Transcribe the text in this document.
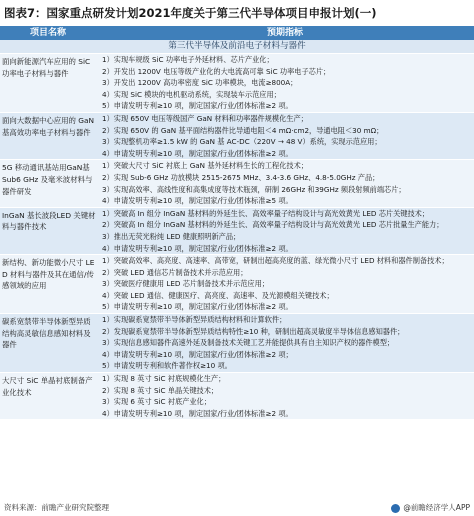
图表7：国家重点研发计划2021年度关于第三代半导体项目申报计划(一)
项目名称	预期指标
第三代半导体及前沿电子材料与器件
面向新能源汽车应用的 SiC 功率电子材料与器件
1）实现车规级 SiC 功率电子外延材料、芯片产业化；
2）开发出 1200V 电压等级产业化的大电流高可靠 SiC 功率电子芯片；
3）开发出 1200V 高功率密度 SiC 功率模块，电流≥800A；
4）实现 SiC 模块的电机驱动系统，实现装车示范应用；
5）申请发明专利≥10 项，制定国家/行业/团体标准≥2 项。
面向大数据中心应用的 GaN 基高效功率电子材料与器件
1）实现 650V 电压等级国产 GaN 材料和功率器件规模化生产；
2）实现 650V 的 GaN 基平面结构器件比导通电阻＜4 mΩ·cm2，导通电阻＜30 mΩ；
3）实现整机功率≥1.5 kW 的 GaN 基 AC-DC（220V → 48 V）系统，实现示范应用；
4）申请发明专利≥10 项，制定国家/行业/团体标准≥2 项。
5G 移动通讯基站用GaN基 Sub6 GHz 及毫米波材料与器件研发
1）突破大尺寸 SiC 衬底上 GaN 基外延材料生长的工程化技术；
2）实现 Sub-6 GHz 功放模块 2515-2675 MHz、3.4-3.6 GHz、4.8-5.0GHz 产品；
3）实现高效率、高线性度和高集成度等技术瓶颈，研制 26GHz 和39GHz 频段射频前端芯片；
4）申请发明专利≥10 项，制定国家/行业/团体标准≥5 项。
InGaN 基长波段LED 关键材料与器件技术
1）突破高 In 组分 InGaN 基材料的外延生长、高效率量子结构设计与高光效黄光 LED 芯片关键技术；
2）突破高 In 组分 InGaN 基材料的外延生长、高效率量子结构设计与高光效黄光 LED 芯片批量生产能力；
3）推出无荧光粉纯 LED 健康照明新产品；
4）申请发明专利≥10 项，制定国家/行业/团体标准≥2 项。
新结构、新功能微小尺寸 LED 材料与器件及其在通信/传感领域的应用
1）突破高效率、高亮度、高速率、高带宽，研制出超高亮度的蓝、绿光微小尺寸 LED 材料和器件制备技术；
2）突破 LED 通信芯片制备技术并示范应用；
3）突破医疗健康用 LED 芯片制备技术并示范应用；
4）突破 LED 通信、健康医疗、高亮度、高速率、及光源模组关键技术；
5）申请发明专利≥10 项，制定国家/行业/团体标准≥2 项。
碳系宽禁带半导体新型异质结构高灵敏信息感知材料及器件
1）实现碳系宽禁带半导体新型异质结构材料和计算软件；
2）发现碳系宽禁带半导体新型异质结构特性≥10 种，研制出超高灵敏度半导体信息感知器件；
3）实现信息感知器件高速外延及制备技术关键工艺并能提供具有自主知识产权的器件模型；
4）申请发明专利≥10 项，制定国家/行业/团体标准≥2 项；
5）申请发明专利和软件著作权≥10 项。
大尺寸 SiC 单晶衬底制备产业化技术
1）实现 8 英寸 SiC 衬底规模化生产；
2）实现 8 英寸 SiC 单晶关键技术；
3）实现 6 英寸 SiC 衬底产业化；
4）申请发明专利≥10 项，制定国家/行业/团体标准≥2 项。
资料来源：前瞻产业研究院整理	@前瞻经济学人APP
